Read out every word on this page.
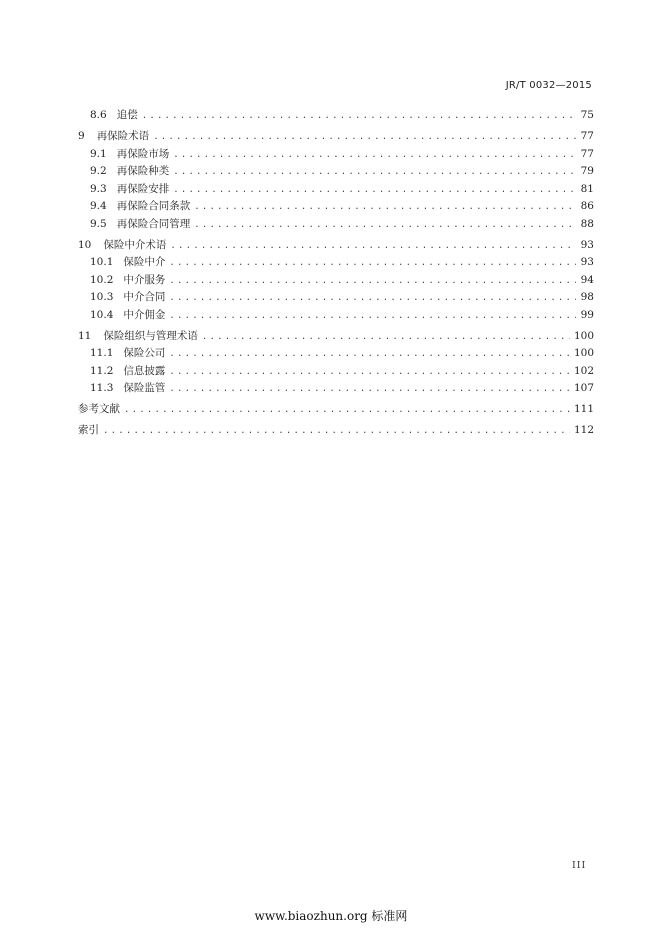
JR/T 0032—2015
8.6 追偿 .....	75
9 再保险术语 .....	77
9.1 再保险市场 .....	77
9.2 再保险种类 .....	79
9.3 再保险安排 .....	81
9.4 再保险合同条款 .....	86
9.5 再保险合同管理 .....	88
10 保险中介术语 .....	93
10.1 保险中介 .....	93
10.2 中介服务 .....	94
10.3 中介合同 .....	98
10.4 中介佣金 .....	99
11 保险组织与管理术语 .....	100
11.1 保险公司 .....	100
11.2 信息披露 .....	102
11.3 保险监管 .....	107
参考文献 .....	111
索引 .....	112
III
www.biaozhun.org 标准网
